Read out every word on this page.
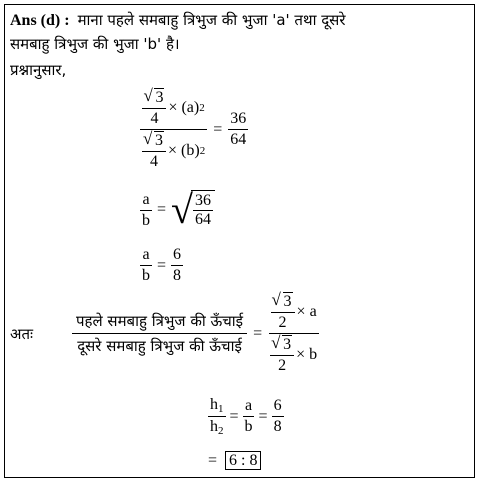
Ans (d) : माना पहले समबाहु त्रिभुज की भुजा 'a' तथा दूसरे
समबाहु त्रिभुज की भुजा 'b' है।
प्रश्नानुसार,
√ $\frac{3}{4} \times (a)$ 2
√ $\frac{3}{4} \times (b) 2 = \frac{36}{64}$
$\frac{a}{b}$ = √ 36
64
$\frac{a}{b} = \frac{6}{8}$
अतः	$\frac{\text{पहले समबाहु त्रिभुज की ऊँचाई}}{\text{दूसरे समबाहु त्रिभुज की ऊँचाई}}$ =
√ $\frac{3}{2} \times a$
√ $\frac{3}{2} \times b$
$\frac{h_1}{h_2} = \frac{a}{b} = \frac{6}{8}$
= 6 : 8
